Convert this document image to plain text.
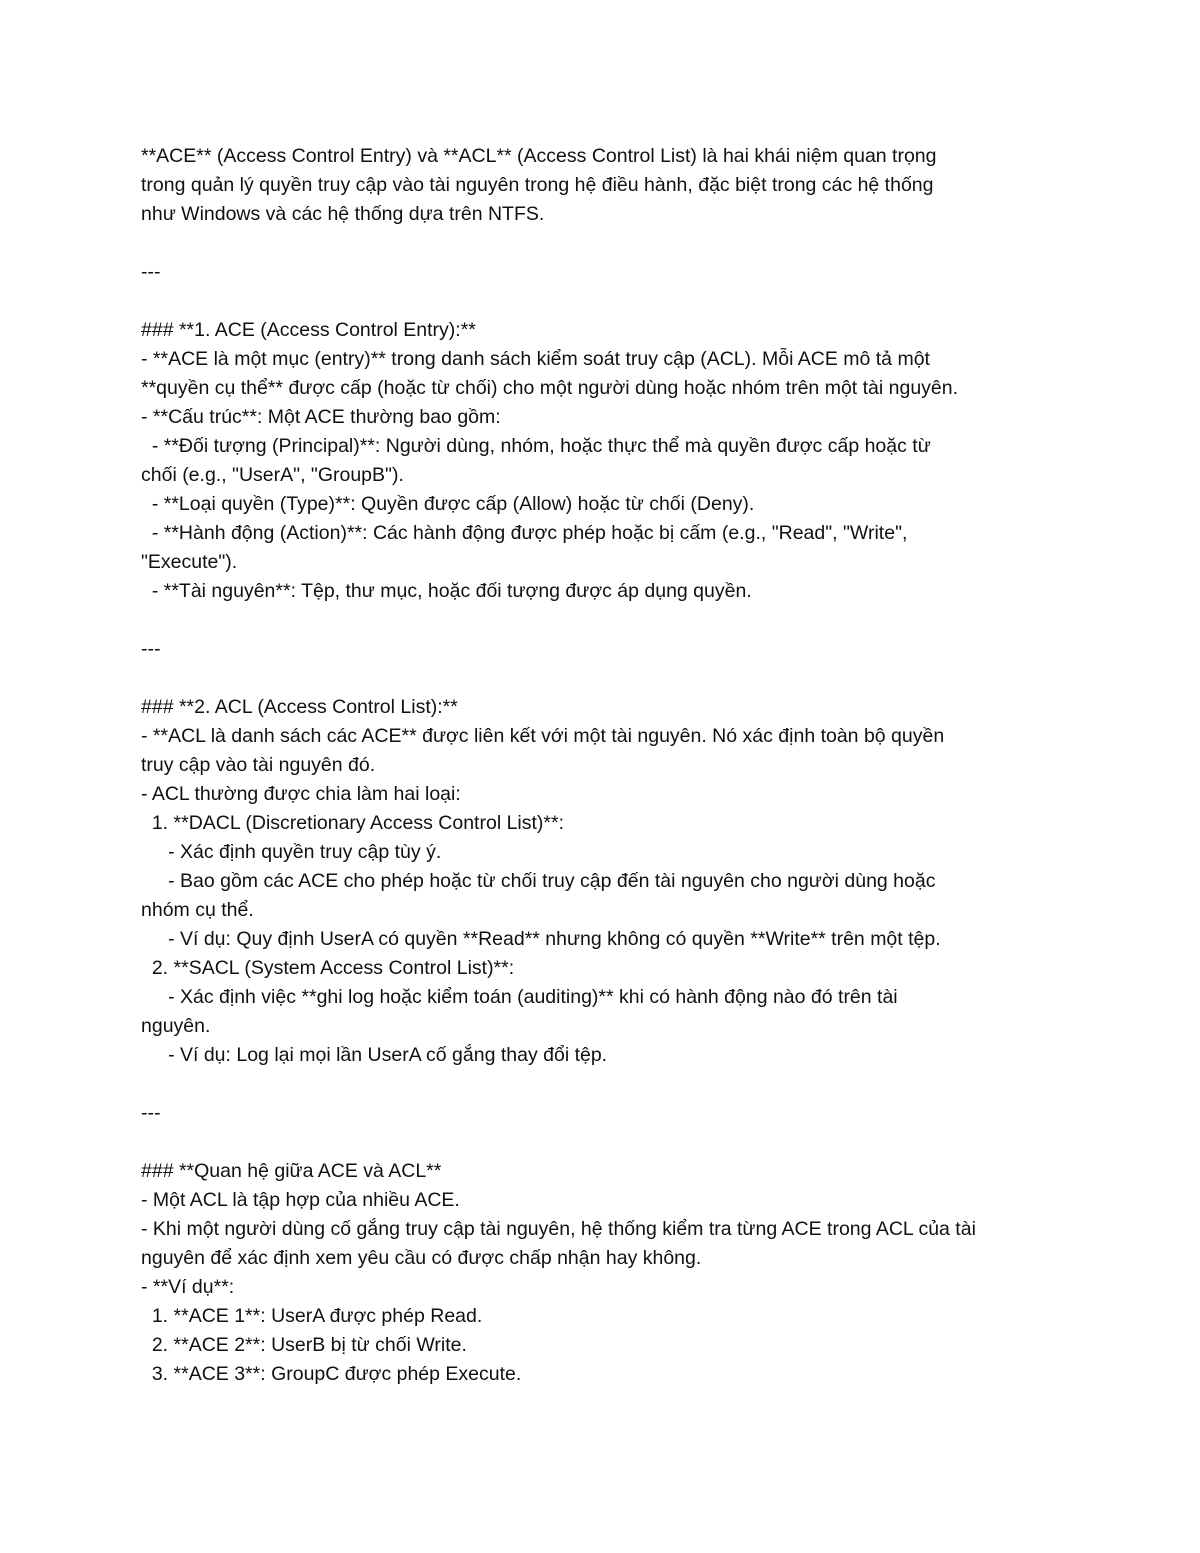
**ACE** (Access Control Entry) và **ACL** (Access Control List) là hai khái niệm quan trọng
trong quản lý quyền truy cập vào tài nguyên trong hệ điều hành, đặc biệt trong các hệ thống
như Windows và các hệ thống dựa trên NTFS.
---
### **1. ACE (Access Control Entry):**
- **ACE là một mục (entry)** trong danh sách kiểm soát truy cập (ACL). Mỗi ACE mô tả một
**quyền cụ thể** được cấp (hoặc từ chối) cho một người dùng hoặc nhóm trên một tài nguyên.
- **Cấu trúc**: Một ACE thường bao gồm:
- **Đối tượng (Principal)**: Người dùng, nhóm, hoặc thực thể mà quyền được cấp hoặc từ
chối (e.g., "UserA", "GroupB").
- **Loại quyền (Type)**: Quyền được cấp (Allow) hoặc từ chối (Deny).
- **Hành động (Action)**: Các hành động được phép hoặc bị cấm (e.g., "Read", "Write",
"Execute").
- **Tài nguyên**: Tệp, thư mục, hoặc đối tượng được áp dụng quyền.
---
### **2. ACL (Access Control List):**
- **ACL là danh sách các ACE** được liên kết với một tài nguyên. Nó xác định toàn bộ quyền
truy cập vào tài nguyên đó.
- ACL thường được chia làm hai loại:
1. **DACL (Discretionary Access Control List)**:
- Xác định quyền truy cập tùy ý.
- Bao gồm các ACE cho phép hoặc từ chối truy cập đến tài nguyên cho người dùng hoặc
nhóm cụ thể.
- Ví dụ: Quy định UserA có quyền **Read** nhưng không có quyền **Write** trên một tệp.
2. **SACL (System Access Control List)**:
- Xác định việc **ghi log hoặc kiểm toán (auditing)** khi có hành động nào đó trên tài
nguyên.
- Ví dụ: Log lại mọi lần UserA cố gắng thay đổi tệp.
---
### **Quan hệ giữa ACE và ACL**
- Một ACL là tập hợp của nhiều ACE.
- Khi một người dùng cố gắng truy cập tài nguyên, hệ thống kiểm tra từng ACE trong ACL của tài
nguyên để xác định xem yêu cầu có được chấp nhận hay không.
- **Ví dụ**:
1. **ACE 1**: UserA được phép Read.
2. **ACE 2**: UserB bị từ chối Write.
3. **ACE 3**: GroupC được phép Execute.
